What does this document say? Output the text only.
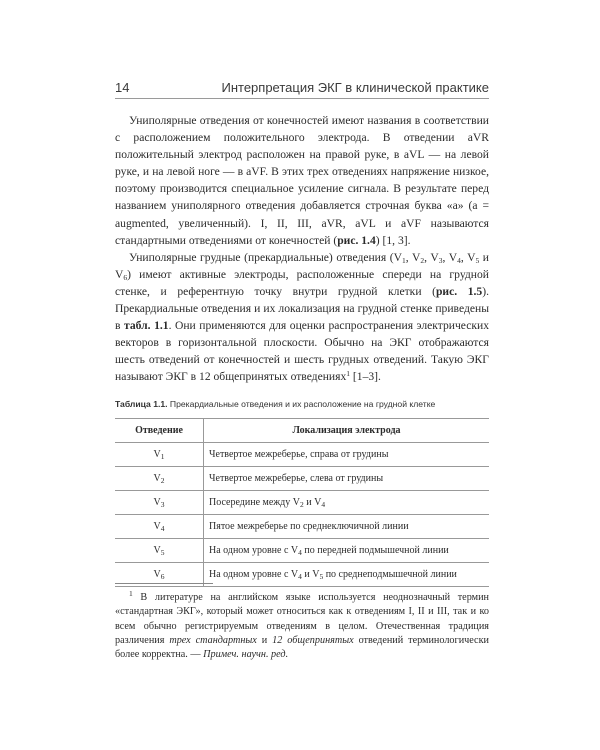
14	Интерпретация ЭКГ в клинической практике

Униполярные отведения от конечностей имеют названия в соответствии с расположением положительного электрода. В отведении aVR положительный электрод расположен на правой руке, в aVL — на левой руке, и на левой ноге — в aVF. В этих трех отведениях напряжение низкое, поэтому производится специальное усиление сигнала. В результате перед названием униполярного отведения добавляется строчная буква «а» (a = augmented, увеличенный). I, II, III, aVR, aVL и aVF называются стандартными отведениями от конечностей (рис. 1.4) [1, 3].

Униполярные грудные (прекардиальные) отведения ($V_1$, $V_2$, $V_3$, $V_4$, $V_5$ и $V_6$) имеют активные электроды, расположенные спереди на грудной стенке, и референтную точку внутри грудной клетки (рис. 1.5). Прекардиальные отведения и их локализация на грудной стенке приведены в табл. 1.1. Они применяются для оценки распространения электрических векторов в горизонтальной плоскости. Обычно на ЭКГ отображаются шесть отведений от конечностей и шесть грудных отведений. Такую ЭКГ называют ЭКГ в 12 общепринятых отведениях$^1$ [1–3].

Таблица 1.1. Прекардиальные отведения и их расположение на грудной клетке
Отведение	Локализация электрода
$V_1$	Четвертое межреберье, справа от грудины
$V_2$	Четвертое межреберье, слева от грудины
$V_3$	Посередине между $V_2$ и $V_4$
$V_4$	Пятое межреберье по среднеключичной линии
$V_5$	На одном уровне с $V_4$ по передней подмышечной линии
$V_6$	На одном уровне с $V_4$ и $V_5$ по среднеподмышечной линии

$^1$ В литературе на английском языке используется неоднозначный термин «стандартная ЭКГ», который может относиться как к отведениям I, II и III, так и ко всем обычно регистрируемым отведениям в целом. Отечественная традиция различения трех стандартных и 12 общепринятых отведений терминологически более корректна. — Примеч. научн. ред.
